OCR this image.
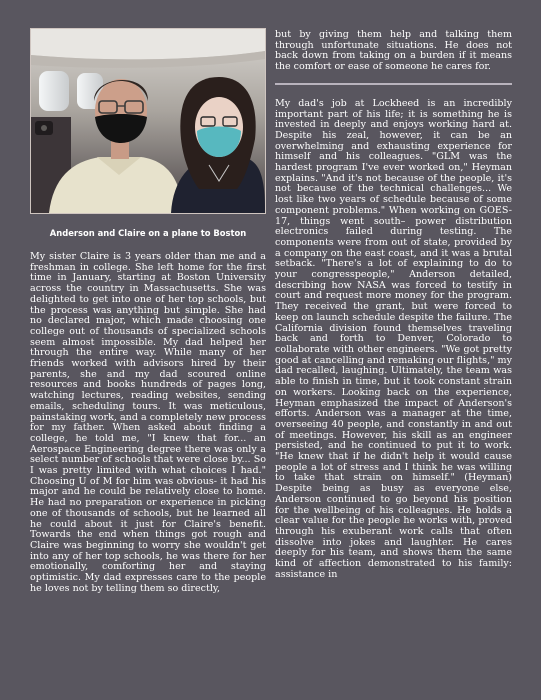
Anderson and Claire on a plane to Boston

My sister Claire is 3 years older than me and a freshman in college. She left home for the first time in January, starting at Boston University across the country in Massachusetts. She was delighted to get into one of her top schools, but the process was anything but simple. She had no declared major, which made choosing one college out of thousands of specialized schools seem almost impossible. My dad helped her through the entire way. While many of her friends worked with advisors hired by their parents, she and my dad scoured online resources and books hundreds of pages long, watching lectures, reading websites, sending emails, scheduling tours. It was meticulous, painstaking work, and a completely new process for my father. When asked about finding a college, he told me, "I knew that for... an Aerospace Engineering degree there was only a select number of schools that were close by... So I was pretty limited with what choices I had." Choosing U of M for him was obvious- it had his major and he could be relatively close to home. He had no preparation or experience in picking one of thousands of schools, but he learned all he could about it just for Claire's benefit. Towards the end when things got rough and Claire was beginning to worry she wouldn't get into any of her top schools, he was there for her emotionally, comforting her and staying optimistic. My dad expresses care to the people he loves not by telling them so directly,

but by giving them help and talking them through unfortunate situations. He does not back down from taking on a burden if it means the comfort or ease of someone he cares for.

My dad's job at Lockheed is an incredibly important part of his life; it is something he is invested in deeply and enjoys working hard at. Despite his zeal, however, it can be an overwhelming and exhausting experience for himself and his colleagues. "GLM was the hardest program I've ever worked on," Heyman explains. "And it's not because of the people, it's not because of the technical challenges... We lost like two years of schedule because of some component problems." When working on GOES-17, things went south– power distribution electronics failed during testing. The components were from out of state, provided by a company on the east coast, and it was a brutal setback. "There's a lot of explaining to do to your congresspeople," Anderson detailed, describing how NASA was forced to testify in court and request more money for the program. They received the grant, but were forced to keep on launch schedule despite the failure. The California division found themselves traveling back and forth to Denver, Colorado to collaborate with other engineers. "We got pretty good at cancelling and remaking our flights," my dad recalled, laughing. Ultimately, the team was able to finish in time, but it took constant strain on workers. Looking back on the experience, Heyman emphasized the impact of Anderson's efforts. Anderson was a manager at the time, overseeing 40 people, and constantly in and out of meetings. However, his skill as an engineer persisted, and he continued to put it to work. "He knew that if he didn't help it would cause people a lot of stress and I think he was willing to take that strain on himself." (Heyman) Despite being as busy as everyone else, Anderson continued to go beyond his position for the wellbeing of his colleagues. He holds a clear value for the people he works with, proved through his exuberant work calls that often dissolve into jokes and laughter. He cares deeply for his team, and shows them the same kind of affection demonstrated to his family: assistance in
